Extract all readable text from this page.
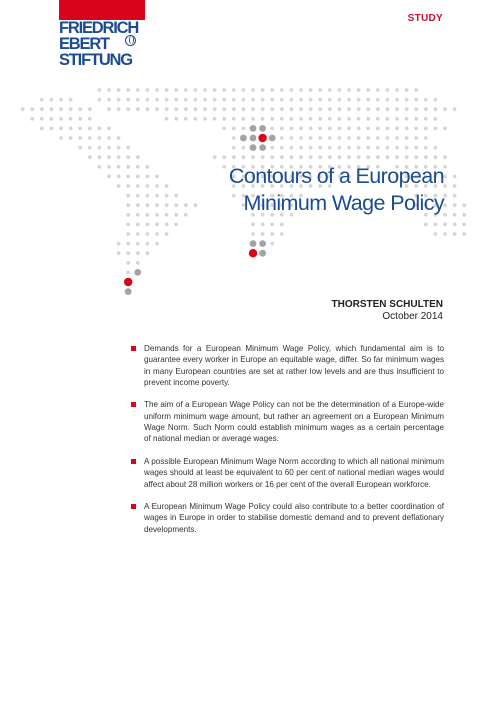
FRIEDRICH
EBERT
STIFTUNG
STUDY
Contours of a European
Minimum Wage Policy
THORSTEN SCHULTEN
October 2014
Demands for a European Minimum Wage Policy, which fundamental aim is to guarantee every worker in Europe an equitable wage, differ. So far minimum wages in many European countries are set at rather low levels and are thus insufficient to prevent income poverty.
The aim of a European Wage Policy can not be the determination of a Europe-wide uniform minimum wage amount, but rather an agreement on a European Minimum Wage Norm. Such Norm could establish minimum wages as a certain percentage of national median or average wages.
A possible European Minimum Wage Norm according to which all national minimum wages should at least be equivalent to 60 per cent of national median wages would affect about 28 million workers or 16 per cent of the overall European workforce.
A European Minimum Wage Policy could also contribute to a better coordination of wages in Europe in order to stabilise domestic demand and to prevent deflationary developments.
